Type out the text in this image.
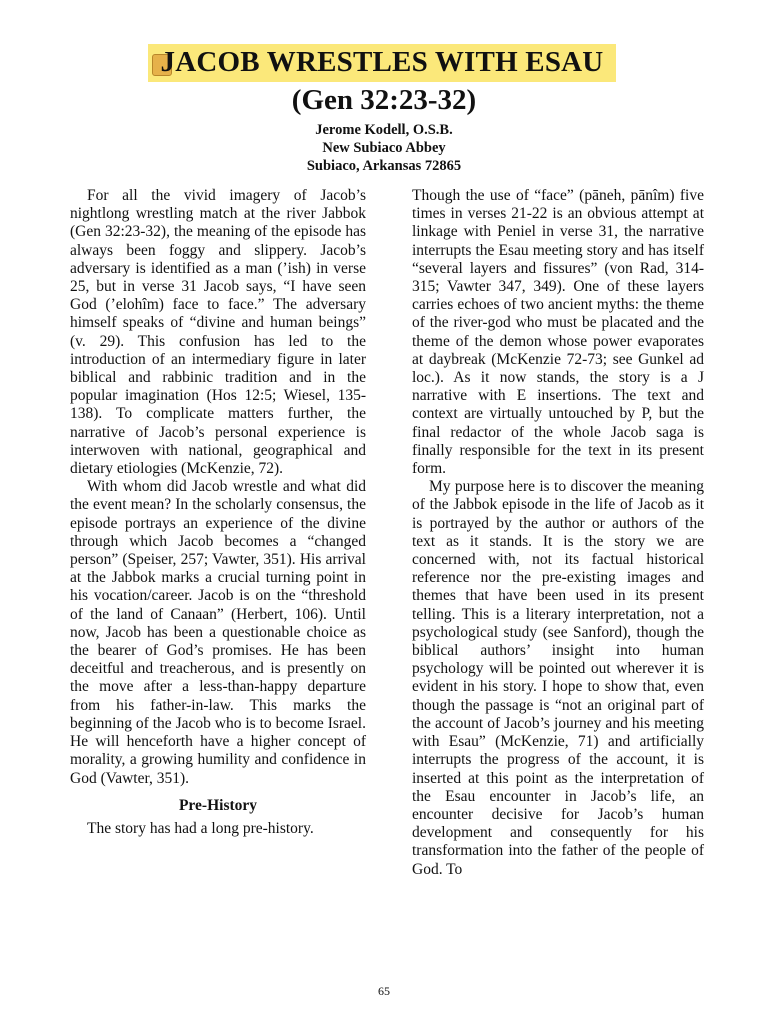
JACOB WRESTLES WITH ESAU
(Gen 32:23-32)
Jerome Kodell, O.S.B.
New Subiaco Abbey
Subiaco, Arkansas 72865

For all the vivid imagery of Jacob’s nightlong wrestling match at the river Jabbok (Gen 32:23-32), the meaning of the episode has always been foggy and slippery. Jacob’s adversary is identified as a man (’ish) in verse 25, but in verse 31 Jacob says, “I have seen God (’elohîm) face to face.” The adversary himself speaks of “divine and human beings” (v. 29). This confusion has led to the introduction of an intermediary figure in later biblical and rabbinic tradition and in the popular imagination (Hos 12:5; Wiesel, 135-138). To complicate matters further, the narrative of Jacob’s personal experience is interwoven with national, geographical and dietary etiologies (McKenzie, 72).

With whom did Jacob wrestle and what did the event mean? In the scholarly consensus, the episode portrays an experience of the divine through which Jacob becomes a “changed person” (Speiser, 257; Vawter, 351). His arrival at the Jabbok marks a crucial turning point in his vocation/career. Jacob is on the “threshold of the land of Canaan” (Herbert, 106). Until now, Jacob has been a questionable choice as the bearer of God’s promises. He has been deceitful and treacherous, and is presently on the move after a less-than-happy departure from his father-in-law. This marks the beginning of the Jacob who is to become Israel. He will henceforth have a higher concept of morality, a growing humility and confidence in God (Vawter, 351).

Pre-History

The story has had a long pre-history.

Though the use of “face” (pāneh, pānîm) five times in verses 21-22 is an obvious attempt at linkage with Peniel in verse 31, the narrative interrupts the Esau meeting story and has itself “several layers and fissures” (von Rad, 314-315; Vawter 347, 349). One of these layers carries echoes of two ancient myths: the theme of the river-god who must be placated and the theme of the demon whose power evaporates at daybreak (McKenzie 72-73; see Gunkel ad loc.). As it now stands, the story is a J narrative with E insertions. The text and context are virtually untouched by P, but the final redactor of the whole Jacob saga is finally responsible for the text in its present form.

My purpose here is to discover the meaning of the Jabbok episode in the life of Jacob as it is portrayed by the author or authors of the text as it stands. It is the story we are concerned with, not its factual historical reference nor the pre-existing images and themes that have been used in its present telling. This is a literary interpretation, not a psychological study (see Sanford), though the biblical authors’ insight into human psychology will be pointed out wherever it is evident in his story. I hope to show that, even though the passage is “not an original part of the account of Jacob’s journey and his meeting with Esau” (McKenzie, 71) and artificially interrupts the progress of the account, it is inserted at this point as the interpretation of the Esau encounter in Jacob’s life, an encounter decisive for Jacob’s human development and consequently for his transformation into the father of the people of God. To

65
